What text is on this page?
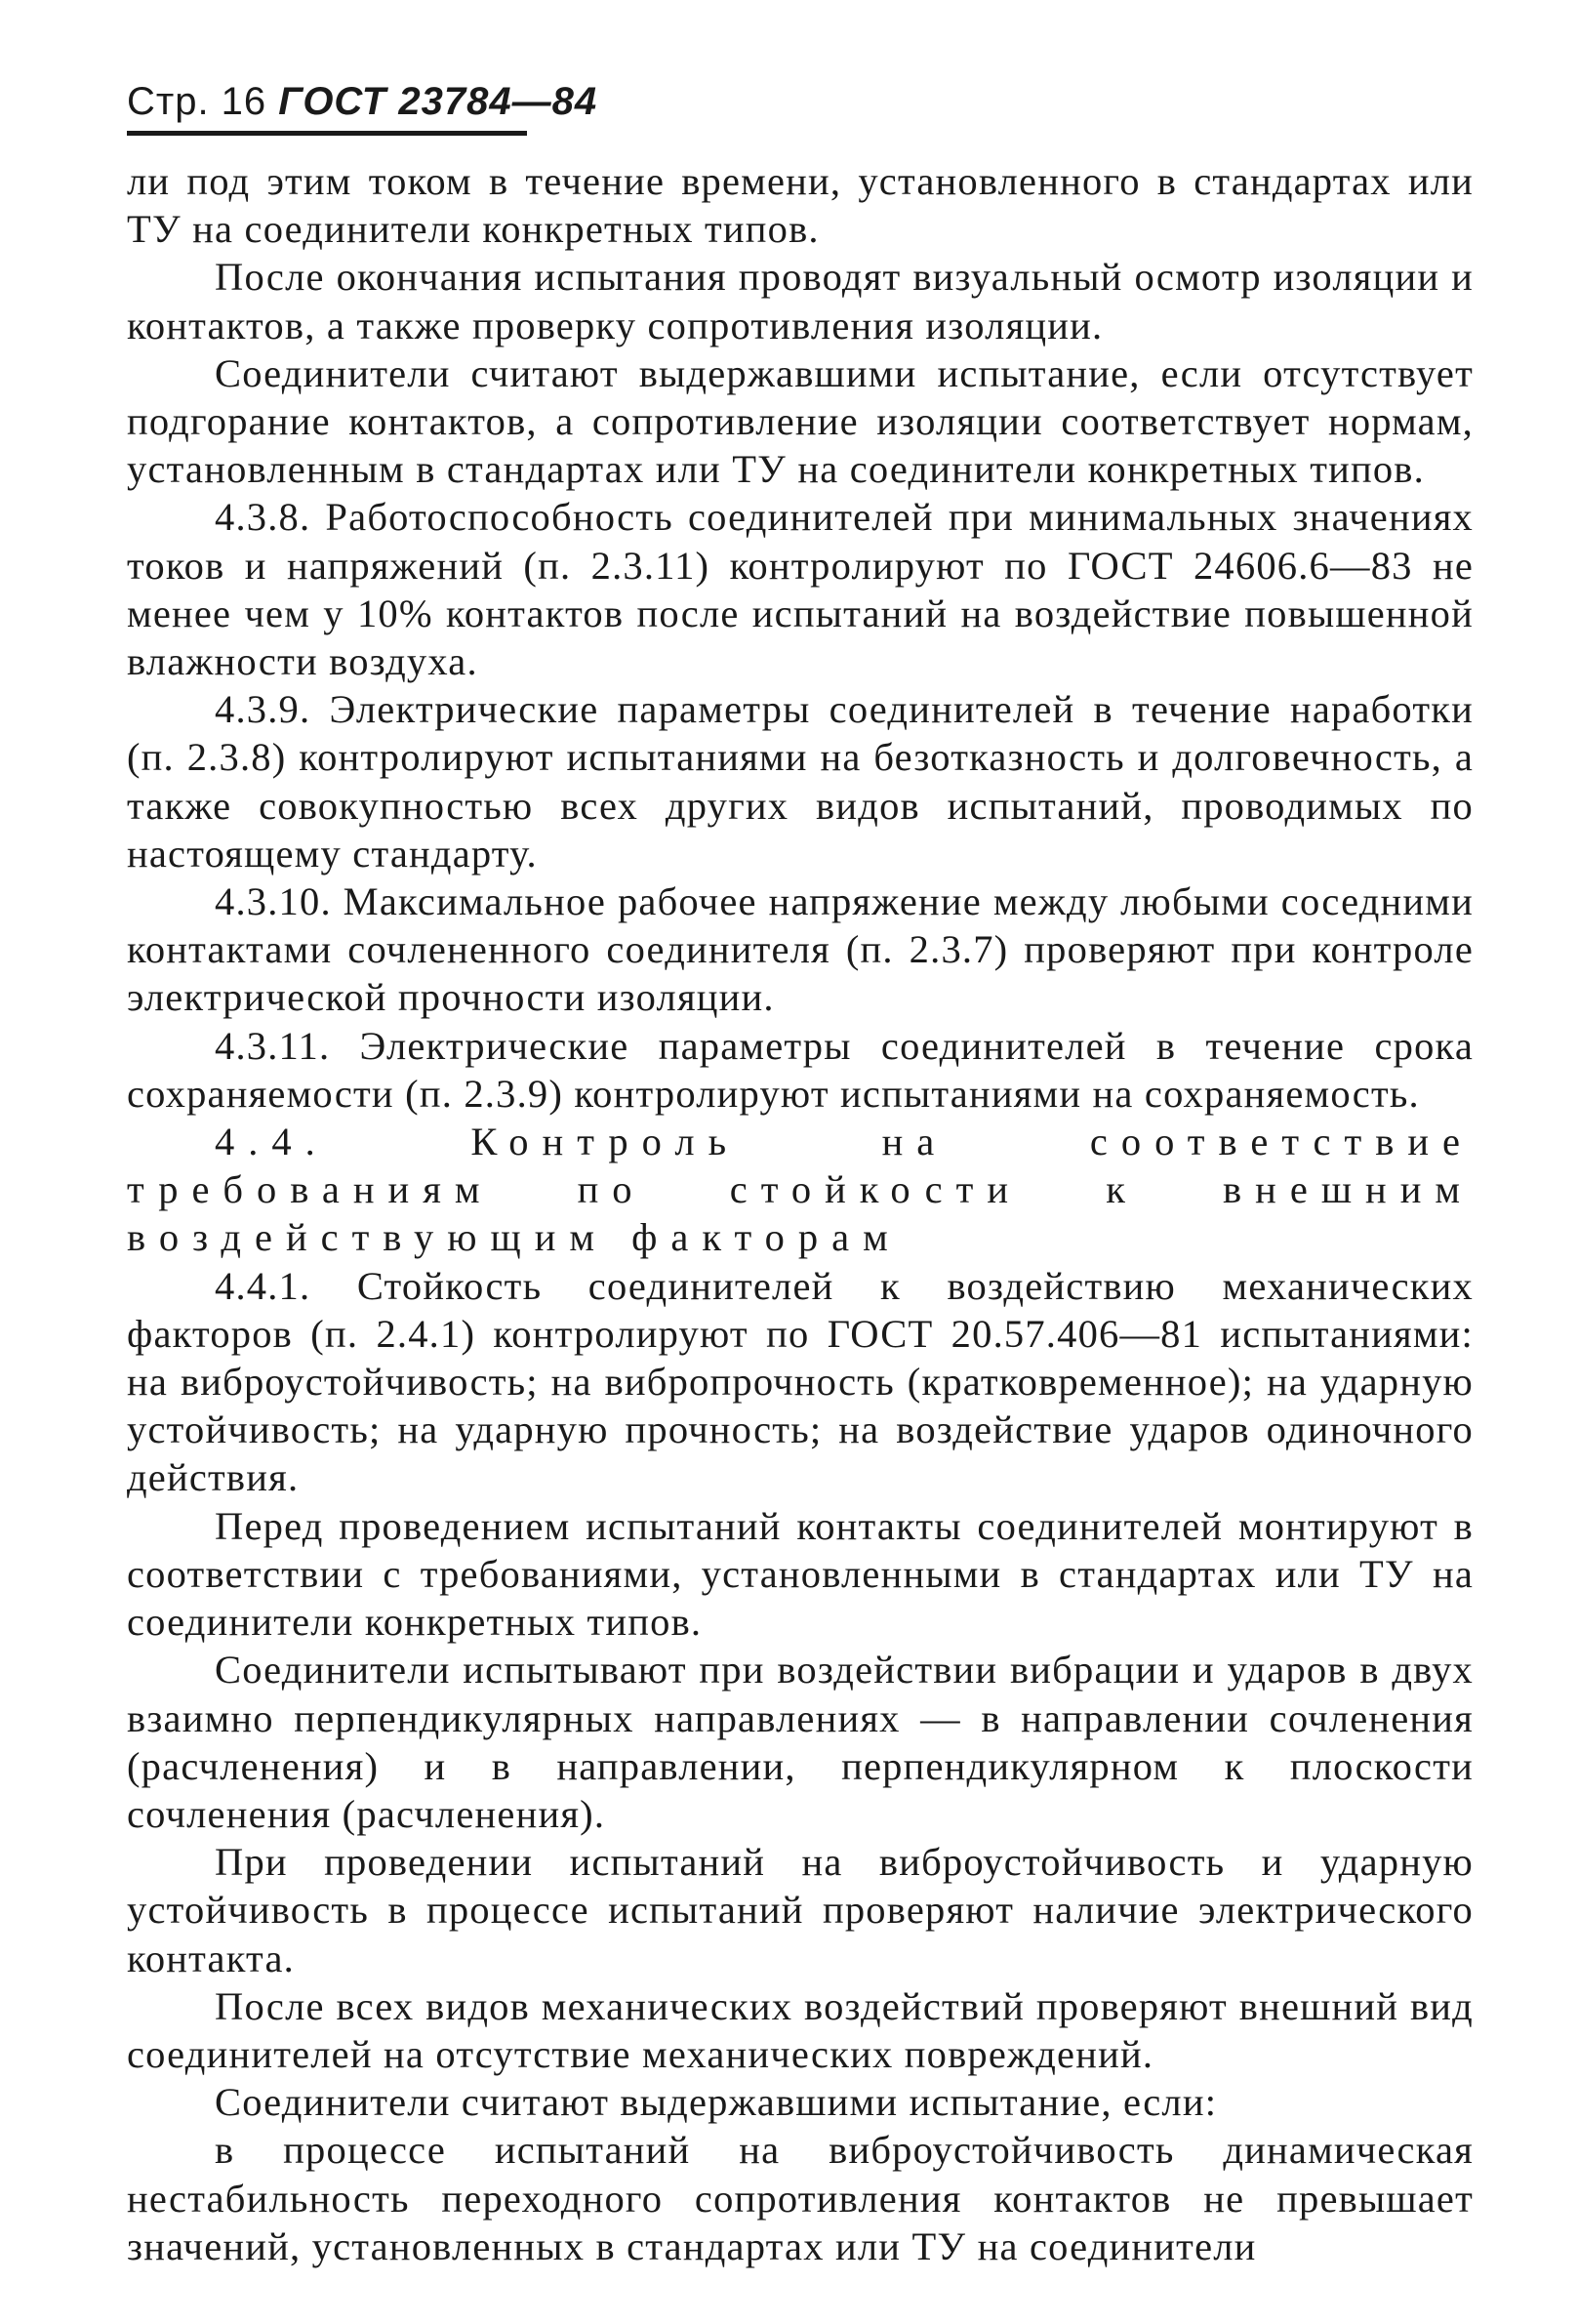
Стр. 16 ГОСТ 23784—84

ли под этим током в течение времени, установленного в стандартах или ТУ на соединители конкретных типов.

После окончания испытания проводят визуальный осмотр изоляции и контактов, а также проверку сопротивления изоляции.

Соединители считают выдержавшими испытание, если отсутствует подгорание контактов, а сопротивление изоляции соответствует нормам, установленным в стандартах или ТУ на соединители конкретных типов.

4.3.8. Работоспособность соединителей при минимальных значениях токов и напряжений (п. 2.3.11) контролируют по ГОСТ 24606.6—83 не менее чем у 10% контактов после испытаний на воздействие повышенной влажности воздуха.

4.3.9. Электрические параметры соединителей в течение наработки (п. 2.3.8) контролируют испытаниями на безотказность и долговечность, а также совокупностью всех других видов испытаний, проводимых по настоящему стандарту.

4.3.10. Максимальное рабочее напряжение между любыми соседними контактами сочлененного соединителя (п. 2.3.7) проверяют при контроле электрической прочности изоляции.

4.3.11. Электрические параметры соединителей в течение срока сохраняемости (п. 2.3.9) контролируют испытаниями на сохраняемость.

4.4. Контроль на соответствие требованиям по стойкости к внешним воздействующим факторам

4.4.1. Стойкость соединителей к воздействию механических факторов (п. 2.4.1) контролируют по ГОСТ 20.57.406—81 испытаниями: на виброустойчивость; на вибропрочность (кратковременное); на ударную устойчивость; на ударную прочность; на воздействие ударов одиночного действия.

Перед проведением испытаний контакты соединителей монтируют в соответствии с требованиями, установленными в стандартах или ТУ на соединители конкретных типов.

Соединители испытывают при воздействии вибрации и ударов в двух взаимно перпендикулярных направлениях — в направлении сочленения (расчленения) и в направлении, перпендикулярном к плоскости сочленения (расчленения).

При проведении испытаний на виброустойчивость и ударную устойчивость в процессе испытаний проверяют наличие электрического контакта.

После всех видов механических воздействий проверяют внешний вид соединителей на отсутствие механических повреждений.

Соединители считают выдержавшими испытание, если:

в процессе испытаний на виброустойчивость динамическая нестабильность переходного сопротивления контактов не превышает значений, установленных в стандартах или ТУ на соединители
